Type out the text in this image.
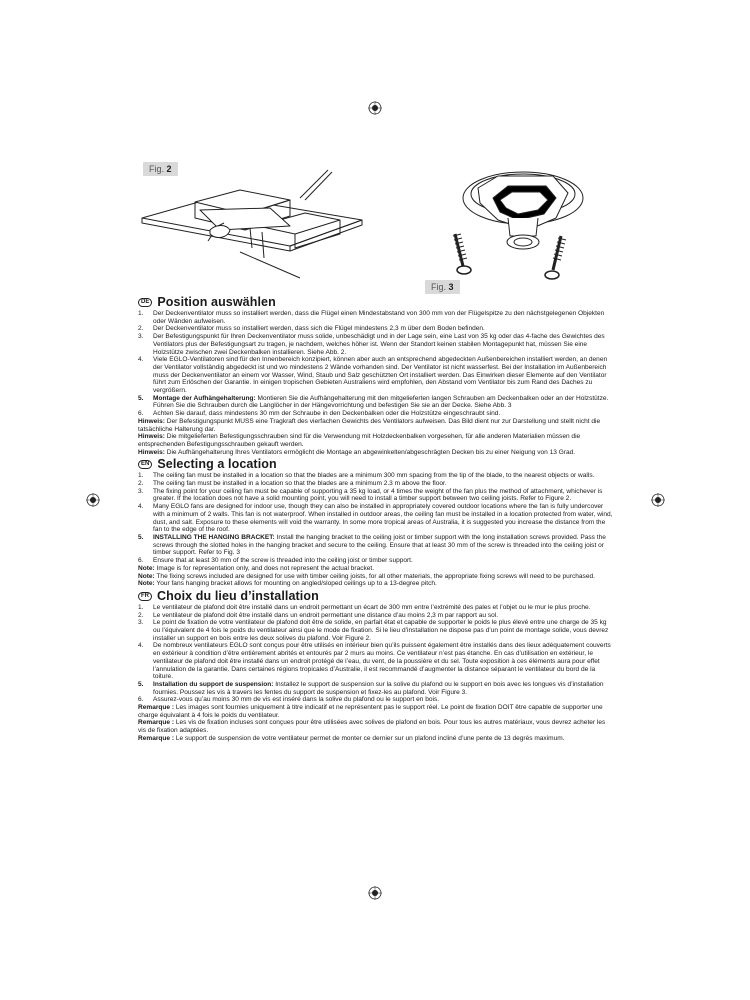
Fig. 2
Fig. 3
DE Position auswählen
1.	Der Deckenventilator muss so installiert werden, dass die Flügel einen Mindestabstand von 300 mm von der Flügelspitze zu den nächstgelegenen Objekten oder Wänden aufweisen.
2.	Der Deckenventilator muss so installiert werden, dass sich die Flügel mindestens 2,3 m über dem Boden befinden.
3.	Der Befestigungspunkt für Ihren Deckenventilator muss solide, unbeschädigt und in der Lage sein, eine Last von 35 kg oder das 4-fache des Gewichtes des Ventilators plus der Befestigungsart zu tragen, je nachdem, welches höher ist. Wenn der Standort keinen stabilen Montagepunkt hat, müssen Sie eine Holzstütze zwischen zwei Deckenbalken installieren. Siehe Abb. 2.
4.	Viele EGLO-Ventilatoren sind für den Innenbereich konzipiert, können aber auch an entsprechend abgedeckten Außenbereichen installiert werden, an denen der Ventilator vollständig abgedeckt ist und wo mindestens 2 Wände vorhanden sind. Der Ventilator ist nicht wasserfest. Bei der Installation im Außenbereich muss der Deckenventilator an einem vor Wasser, Wind, Staub und Salz geschützten Ort installiert werden. Das Einwirken dieser Elemente auf den Ventilator führt zum Erlöschen der Garantie. In einigen tropischen Gebieten Australiens wird empfohlen, den Abstand vom Ventilator bis zum Rand des Daches zu vergrößern.
5.	Montage der Aufhängehalterung: Montieren Sie die Aufhängehalterung mit den mitgelieferten langen Schrauben am Deckenbalken oder an der Holzstütze. Führen Sie die Schrauben durch die Langlöcher in der Hängevorrichtung und befestigen Sie sie an der Decke. Siehe Abb. 3
6.	Achten Sie darauf, dass mindestens 30 mm der Schraube in den Deckenbalken oder die Holzstütze eingeschraubt sind.

Hinweis: Der Befestigungspunkt MUSS eine Tragkraft des vierfachen Gewichts des Ventilators aufweisen. Das Bild dient nur zur Darstellung und stellt nicht die tatsächliche Halterung dar.

Hinweis: Die mitgelieferten Befestigungsschrauben sind für die Verwendung mit Holzdeckenbalken vorgesehen, für alle anderen Materialien müssen die entsprechenden Befestigungsschrauben gekauft werden.

Hinweis: Die Aufhängehalterung Ihres Ventilators ermöglicht die Montage an abgewinkelten/abgeschrägten Decken bis zu einer Neigung von 13 Grad.

EN Selecting a location
1.	The ceiling fan must be installed in a location so that the blades are a minimum 300 mm spacing from the tip of the blade, to the nearest objects or walls.
2.	The ceiling fan must be installed in a location so that the blades are a minimum 2.3 m above the floor.
3.	The fixing point for your ceiling fan must be capable of supporting a 35 kg load, or 4 times the weight of the fan plus the method of attachment, whichever is greater. If the location does not have a solid mounting point, you will need to install a timber support between two ceiling joists. Refer to Figure 2.
4.	Many EGLO fans are designed for indoor use, though they can also be installed in appropriately covered outdoor locations where the fan is fully undercover with a minimum of 2 walls. This fan is not waterproof. When installed in outdoor areas, the ceiling fan must be installed in a location protected from water, wind, dust, and salt. Exposure to these elements will void the warranty. In some more tropical areas of Australia, it is suggested you increase the distance from the fan to the edge of the roof.
5.	INSTALLING THE HANGING BRACKET: Install the hanging bracket to the ceiling joist or timber support with the long installation screws provided. Pass the screws through the slotted holes in the hanging bracket and secure to the ceiling. Ensure that at least 30 mm of the screw is threaded into the ceiling joist or timber support. Refer to Fig. 3
6.	Ensure that at least 30 mm of the screw is threaded into the ceiling joist or timber support.

Note: Image is for representation only, and does not represent the actual bracket.

Note: The fixing screws included are designed for use with timber ceiling joists, for all other materials, the appropriate fixing screws will need to be purchased.

Note: Your fans hanging bracket allows for mounting on angled/sloped ceilings up to a 13-degree pitch.

FR Choix du lieu d’installation
1.	Le ventilateur de plafond doit être installé dans un endroit permettant un écart de 300 mm entre l’extrémité des pales et l’objet ou le mur le plus proche.
2.	Le ventilateur de plafond doit être installé dans un endroit permettant une distance d’au moins 2,3 m par rapport au sol.
3.	Le point de fixation de votre ventilateur de plafond doit être de solide, en parfait état et capable de supporter le poids le plus élevé entre une charge de 35 kg ou l’équivalent de 4 fois le poids du ventilateur ainsi que le mode de fixation. Si le lieu d’installation ne dispose pas d’un point de montage solide, vous devrez installer un support en bois entre les deux solives du plafond. Voir Figure 2.
4.	De nombreux ventilateurs EGLO sont conçus pour être utilisés en intérieur bien qu’ils puissent également être installés dans des lieux adéquatement couverts en extérieur à condition d’être entièrement abrités et entourés par 2 murs au moins. Ce ventilateur n’est pas étanche. En cas d’utilisation en extérieur, le ventilateur de plafond doit être installé dans un endroit protégé de l’eau, du vent, de la poussière et du sel. Toute exposition à ces éléments aura pour effet l’annulation de la garantie. Dans certaines régions tropicales d’Australie, il est recommandé d’augmenter la distance séparant le ventilateur du bord de la toiture.
5.	Installation du support de suspension: Installez le support de suspension sur la solive du plafond ou le support en bois avec les longues vis d’installation fournies. Poussez les vis à travers les fentes du support de suspension et fixez-les au plafond. Voir Figure 3.
6.	Assurez-vous qu’au moins 30 mm de vis est inséré dans la solive du plafond ou le support en bois.

Remarque : Les images sont fournies uniquement à titre indicatif et ne représentent pas le support réel. Le point de fixation DOIT être capable de supporter une charge équivalant à 4 fois le poids du ventilateur.

Remarque : Les vis de fixation incluses sont conçues pour être utilisées avec solives de plafond en bois. Pour tous les autres matériaux, vous devrez acheter les vis de fixation adaptées.

Remarque : Le support de suspension de votre ventilateur permet de monter ce dernier sur un plafond incliné d’une pente de 13 degrés maximum.
